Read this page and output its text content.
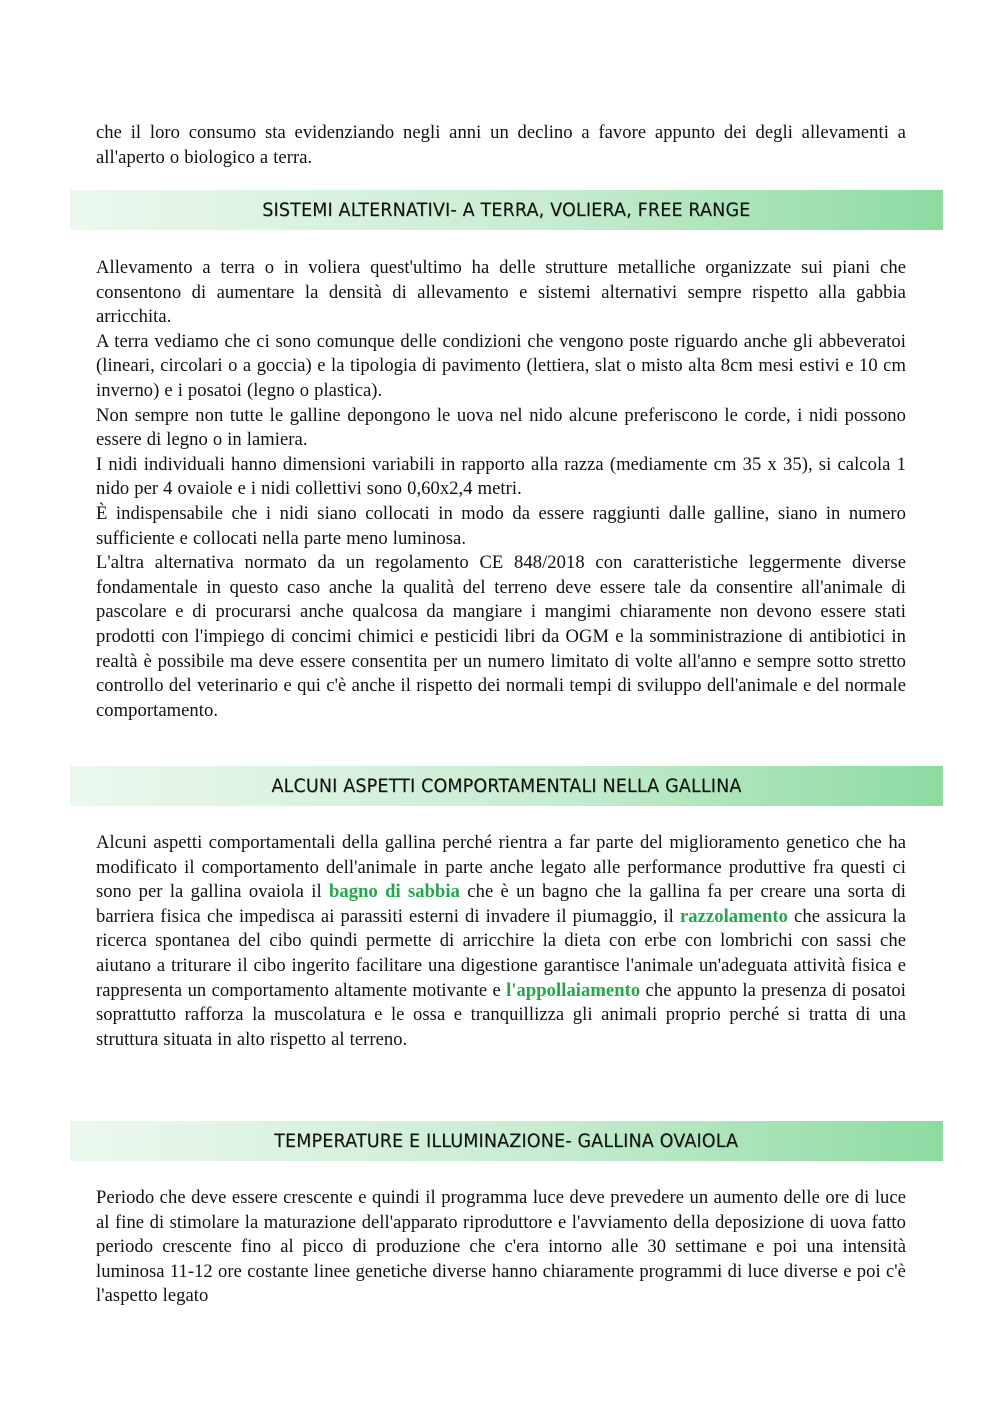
che il loro consumo sta evidenziando negli anni un declino a favore appunto dei degli allevamenti a all'aperto o biologico a terra.

SISTEMI ALTERNATIVI- A TERRA, VOLIERA, FREE RANGE
Allevamento a terra o in voliera quest'ultimo ha delle strutture metalliche organizzate sui piani che consentono di aumentare la densità di allevamento e sistemi alternativi sempre rispetto alla gabbia arricchita.
A terra vediamo che ci sono comunque delle condizioni che vengono poste riguardo anche gli abbeveratoi (lineari, circolari o a goccia) e la tipologia di pavimento (lettiera, slat o misto alta 8cm mesi estivi e 10 cm inverno) e i posatoi (legno o plastica).
Non sempre non tutte le galline depongono le uova nel nido alcune preferiscono le corde, i nidi possono essere di legno o in lamiera.
I nidi individuali hanno dimensioni variabili in rapporto alla razza (mediamente cm 35 x 35), si calcola 1 nido per 4 ovaiole e i nidi collettivi sono 0,60x2,4 metri.
È indispensabile che i nidi siano collocati in modo da essere raggiunti dalle galline, siano in numero sufficiente e collocati nella parte meno luminosa.
L'altra alternativa normato da un regolamento CE 848/2018 con caratteristiche leggermente diverse fondamentale in questo caso anche la qualità del terreno deve essere tale da consentire all'animale di pascolare e di procurarsi anche qualcosa da mangiare i mangimi chiaramente non devono essere stati prodotti con l'impiego di concimi chimici e pesticidi libri da OGM e la somministrazione di antibiotici in realtà è possibile ma deve essere consentita per un numero limitato di volte all'anno e sempre sotto stretto controllo del veterinario e qui c'è anche il rispetto dei normali tempi di sviluppo dell'animale e del normale comportamento.
ALCUNI ASPETTI COMPORTAMENTALI NELLA GALLINA

Alcuni aspetti comportamentali della gallina perché rientra a far parte del miglioramento genetico che ha modificato il comportamento dell'animale in parte anche legato alle performance produttive fra questi ci sono per la gallina ovaiola il bagno di sabbia che è un bagno che la gallina fa per creare una sorta di barriera fisica che impedisca ai parassiti esterni di invadere il piumaggio, il razzolamento che assicura la ricerca spontanea del cibo quindi permette di arricchire la dieta con erbe con lombrichi con sassi che aiutano a triturare il cibo ingerito facilitare una digestione garantisce l'animale un'adeguata attività fisica e rappresenta un comportamento altamente motivante e l'appollaiamento che appunto la presenza di posatoi soprattutto rafforza la muscolatura e le ossa e tranquillizza gli animali proprio perché si tratta di una struttura situata in alto rispetto al terreno.

TEMPERATURE E ILLUMINAZIONE- GALLINA OVAIOLA

Periodo che deve essere crescente e quindi il programma luce deve prevedere un aumento delle ore di luce al fine di stimolare la maturazione dell'apparato riproduttore e l'avviamento della deposizione di uova fatto periodo crescente fino al picco di produzione che c'era intorno alle 30 settimane e poi una intensità luminosa 11-12 ore costante linee genetiche diverse hanno chiaramente programmi di luce diverse e poi c'è l'aspetto legato
